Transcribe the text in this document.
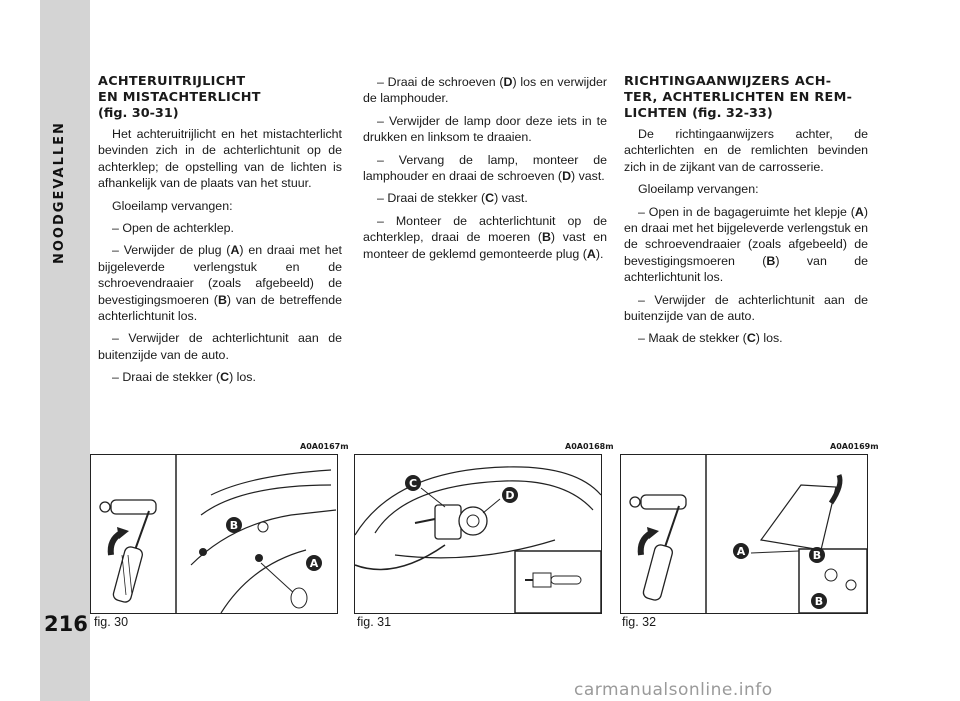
NOODGEVALLEN
216
ACHTERUITRIJLICHT
EN MISTACHTERLICHT
(fig. 30-31)

Het achteruitrijlicht en het mistachterlicht bevinden zich in de achterlichtunit op de achterklep; de opstelling van de lichten is afhankelijk van de plaats van het stuur.

Gloeilamp vervangen:

– Open de achterklep.

– Verwijder de plug (A) en draai met het bijgeleverde verlengstuk en de schroevendraaier (zoals afgebeeld) de bevestigingsmoeren (B) van de betreffende achterlichtunit los.

– Verwijder de achterlichtunit aan de buitenzijde van de auto.

– Draai de stekker (C) los.

– Draai de schroeven (D) los en verwijder de lamphouder.

– Verwijder de lamp door deze iets in te drukken en linksom te draaien.

– Vervang de lamp, monteer de lamphouder en draai de schroeven (D) vast.

– Draai de stekker (C) vast.

– Monteer de achterlichtunit op de achterklep, draai de moeren (B) vast en monteer de geklemd gemonteerde plug (A).

RICHTINGAANWIJZERS ACH-
TER, ACHTERLICHTEN EN REM-
LICHTEN (fig. 32-33)

De richtingaanwijzers achter, de achterlichten en de remlichten bevinden zich in de zijkant van de carrosserie.

Gloeilamp vervangen:

– Open in de bagageruimte het klepje (A) en draai met het bijgeleverde verlengstuk en de schroevendraaier (zoals afgebeeld) de bevestigingsmoeren (B) van de achterlichtunit los.

– Verwijder de achterlichtunit aan de buitenzijde van de auto.

– Maak de stekker (C) los.

A0A0167m
B
A
fig. 30
A0A0168m
C
D
fig. 31
A0A0169m
A	B
B
fig. 32
carmanualsonline.info
